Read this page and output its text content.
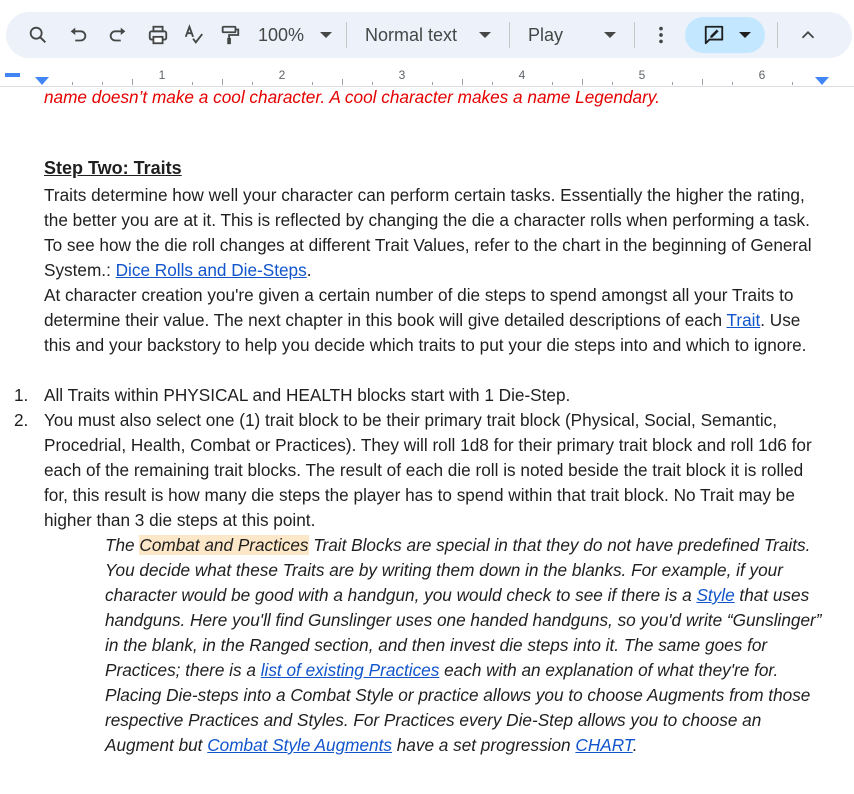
100%	Normal text	Play
1	2	3	4	5	6
name doesn’t make a cool character. A cool character makes a name Legendary.
Step Two: Traits
Traits determine how well your character can perform certain tasks. Essentially the higher the rating, the better you are at it. This is reflected by changing the die a character rolls when performing a task. To see how the die roll changes at different Trait Values, refer to the chart in the beginning of General System.: Dice Rolls and Die-Steps.
At character creation you're given a certain number of die steps to spend amongst all your Traits to determine their value. The next chapter in this book will give detailed descriptions of each Trait. Use this and your backstory to help you decide which traits to put your die steps into and which to ignore.
1. All Traits within PHYSICAL and HEALTH blocks start with 1 Die-Step.
2. You must also select one (1) trait block to be their primary trait block (Physical, Social, Semantic, Procedrial, Health, Combat or Practices). They will roll 1d8 for their primary trait block and roll 1d6 for each of the remaining trait blocks. The result of each die roll is noted beside the trait block it is rolled for, this result is how many die steps the player has to spend within that trait block. No Trait may be higher than 3 die steps at this point.
The Combat and Practices Trait Blocks are special in that they do not have predefined Traits. You decide what these Traits are by writing them down in the blanks. For example, if your character would be good with a handgun, you would check to see if there is a Style that uses handguns. Here you'll find Gunslinger uses one handed handguns, so you'd write “Gunslinger” in the blank, in the Ranged section, and then invest die steps into it. The same goes for Practices; there is a list of existing Practices each with an explanation of what they're for. Placing Die-steps into a Combat Style or practice allows you to choose Augments from those respective Practices and Styles. For Practices every Die-Step allows you to choose an Augment but Combat Style Augments have a set progression CHART.
